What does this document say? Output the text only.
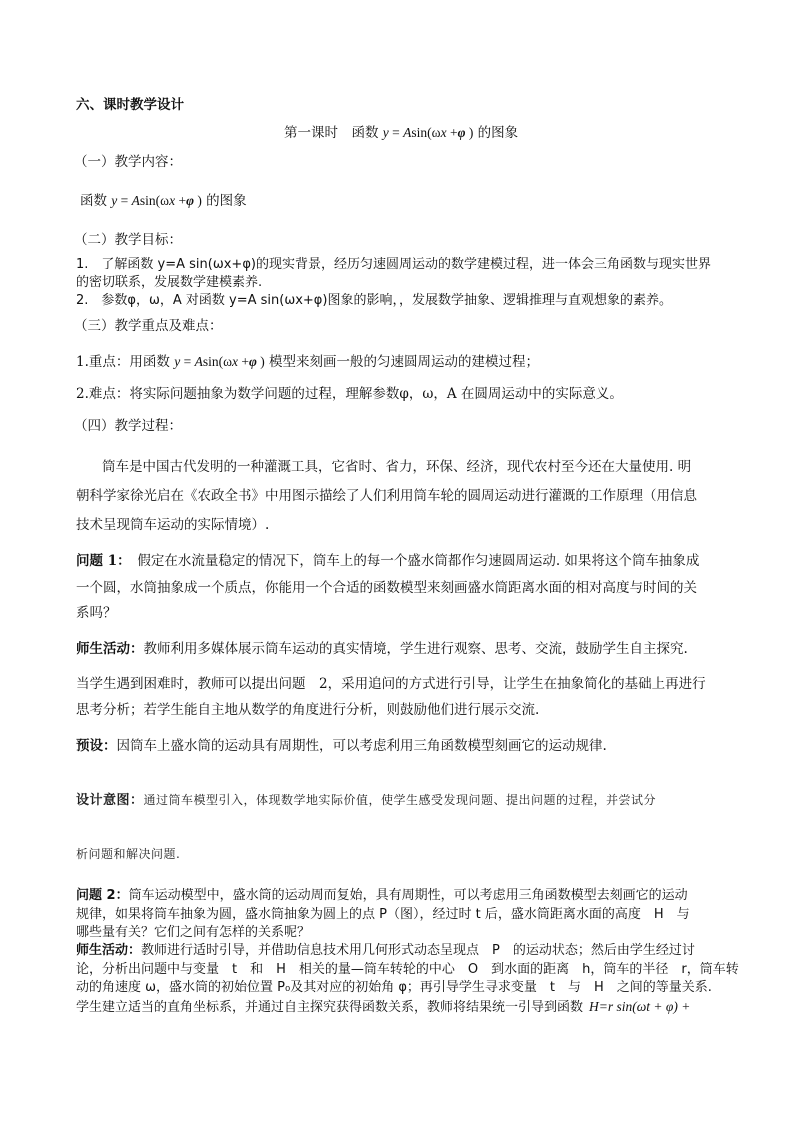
六、课时教学设计
第一课时　函数 y = Asin(ωx +φ ) 的图象
（一）教学内容：
函数 y = Asin(ωx +φ ) 的图象
（二）教学目标：
1.　了解函数 y=A sin(ωx+φ)的现实背景，经历匀速圆周运动的数学建模过程，进一体会三角函数与现实世界
的密切联系，发展数学建模素养.
2.　参数φ，ω，A 对函数 y=A sin(ωx+φ)图象的影响，，发展数学抽象、逻辑推理与直观想象的素养。
（三）教学重点及难点：
1.重点：用函数 y = Asin(ωx +φ ) 模型来刻画一般的匀速圆周运动的建模过程；
2.难点：将实际问题抽象为数学问题的过程，理解参数φ，ω，A 在圆周运动中的实际意义。
（四）教学过程：
筒车是中国古代发明的一种灌溉工具，它省时、省力，环保、经济，现代农村至今还在大量使用. 明
朝科学家徐光启在《农政全书》中用图示描绘了人们利用筒车轮的圆周运动进行灌溉的工作原理（用信息
技术呈现筒车运动的实际情境）.
问题 1：　假定在水流量稳定的情况下，筒车上的每一个盛水筒都作匀速圆周运动. 如果将这个筒车抽象成
一个圆，水筒抽象成一个质点，你能用一个合适的函数模型来刻画盛水筒距离水面的相对高度与时间的关
系吗？
师生活动：教师利用多媒体展示筒车运动的真实情境，学生进行观察、思考、交流，鼓励学生自主探究.
当学生遇到困难时，教师可以提出问题　2，采用追问的方式进行引导，让学生在抽象简化的基础上再进行
思考分析；若学生能自主地从数学的角度进行分析，则鼓励他们进行展示交流.
预设：因筒车上盛水筒的运动具有周期性，可以考虑利用三角函数模型刻画它的运动规律.
设计意图：通过筒车模型引入，体现数学地实际价值，使学生感受发现问题、提出问题的过程，并尝试分
析问题和解决问题.
问题 2：筒车运动模型中，盛水筒的运动周而复始，具有周期性，可以考虑用三角函数模型去刻画它的运动
规律，如果将筒车抽象为圆，盛水筒抽象为圆上的点 P（图），经过时 t 后，盛水筒距离水面的高度　H　与
哪些量有关？它们之间有怎样的关系呢？
师生活动：教师进行适时引导，并借助信息技术用几何形式动态呈现点　P　的运动状态；然后由学生经过讨
论，分析出问题中与变量　t　和　H　相关的量—筒车转轮的中心　O　到水面的距离　h，筒车的半径　r，筒车转
动的角速度 ω，盛水筒的初始位置 P₀及其对应的初始角 φ；再引导学生寻求变量　t　与　H　之间的等量关系.
学生建立适当的直角坐标系，并通过自主探究获得函数关系，教师将结果统一引导到函数 H=r sin(ωt + φ) +
